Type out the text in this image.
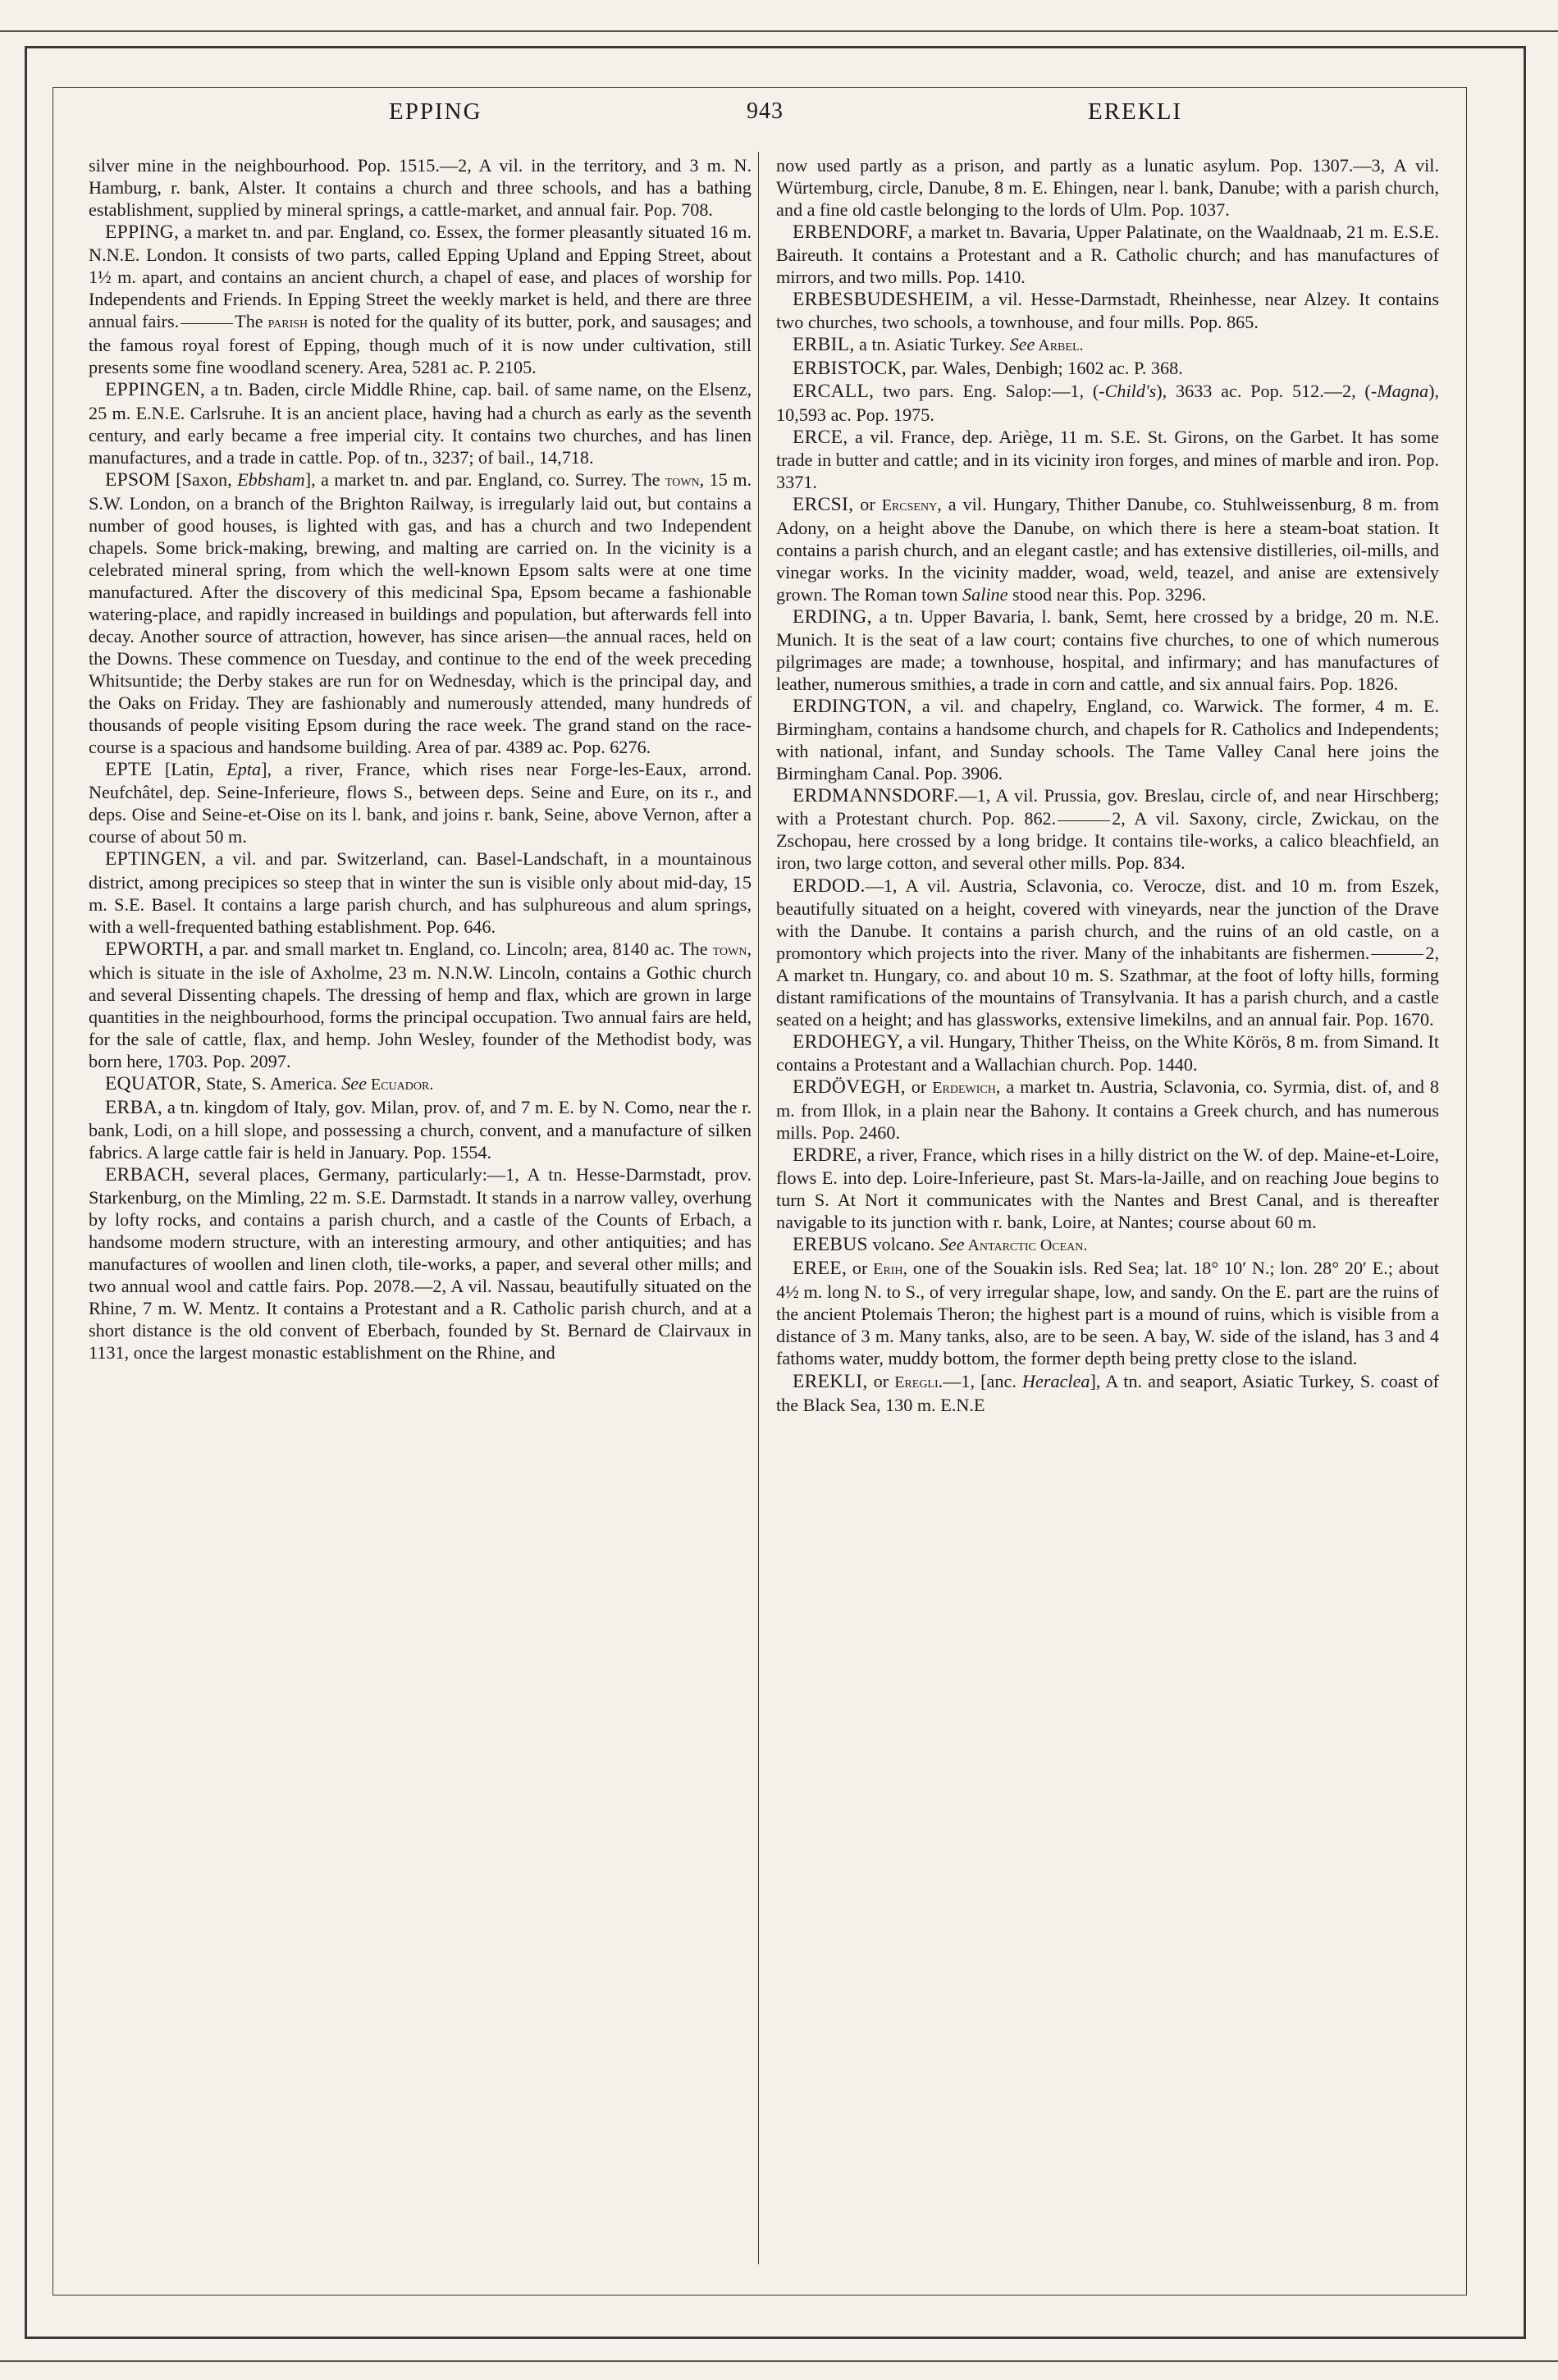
EPPING	943	EREKLI

silver mine in the neighbourhood. Pop. 1515.—2, A vil. in the territory, and 3 m. N. Hamburg, r. bank, Alster. It contains a church and three schools, and has a bathing establishment, supplied by mineral springs, a cattle-market, and annual fair. Pop. 708.

EPPING, a market tn. and par. England, co. Essex, the former pleasantly situated 16 m. N.N.E. London. It consists of two parts, called Epping Upland and Epping Street, about 1½ m. apart, and contains an ancient church, a chapel of ease, and places of worship for Independents and Friends. In Epping Street the weekly market is held, and there are three annual fairs.	The parish is noted for the quality of its butter, pork, and sausages; and the famous royal forest of Epping, though much of it is now under cultivation, still presents some fine woodland scenery. Area, 5281 ac. P. 2105.

EPPINGEN, a tn. Baden, circle Middle Rhine, cap. bail. of same name, on the Elsenz, 25 m. E.N.E. Carlsruhe. It is an ancient place, having had a church as early as the seventh century, and early became a free imperial city. It contains two churches, and has linen manufactures, and a trade in cattle. Pop. of tn., 3237; of bail., 14,718.

EPSOM [Saxon, Ebbsham], a market tn. and par. England, co. Surrey. The town, 15 m. S.W. London, on a branch of the Brighton Railway, is irregularly laid out, but contains a number of good houses, is lighted with gas, and has a church and two Independent chapels. Some brick-making, brewing, and malting are carried on. In the vicinity is a celebrated mineral spring, from which the well-known Epsom salts were at one time manufactured. After the discovery of this medicinal Spa, Epsom became a fashionable watering-place, and rapidly increased in buildings and population, but afterwards fell into decay. Another source of attraction, however, has since arisen—the annual races, held on the Downs. These commence on Tuesday, and continue to the end of the week preceding Whitsuntide; the Derby stakes are run for on Wednesday, which is the principal day, and the Oaks on Friday. They are fashionably and numerously attended, many hundreds of thousands of people visiting Epsom during the race week. The grand stand on the race-course is a spacious and handsome building. Area of par. 4389 ac. Pop. 6276.

EPTE [Latin, Epta], a river, France, which rises near Forge-les-Eaux, arrond. Neufchâtel, dep. Seine-Inferieure, flows S., between deps. Seine and Eure, on its r., and deps. Oise and Seine-et-Oise on its l. bank, and joins r. bank, Seine, above Vernon, after a course of about 50 m.

EPTINGEN, a vil. and par. Switzerland, can. Basel-Landschaft, in a mountainous district, among precipices so steep that in winter the sun is visible only about mid-day, 15 m. S.E. Basel. It contains a large parish church, and has sulphureous and alum springs, with a well-frequented bathing establishment. Pop. 646.

EPWORTH, a par. and small market tn. England, co. Lincoln; area, 8140 ac. The town, which is situate in the isle of Axholme, 23 m. N.N.W. Lincoln, contains a Gothic church and several Dissenting chapels. The dressing of hemp and flax, which are grown in large quantities in the neighbourhood, forms the principal occupation. Two annual fairs are held, for the sale of cattle, flax, and hemp. John Wesley, founder of the Methodist body, was born here, 1703. Pop. 2097.

EQUATOR, State, S. America. See Ecuador.

ERBA, a tn. kingdom of Italy, gov. Milan, prov. of, and 7 m. E. by N. Como, near the r. bank, Lodi, on a hill slope, and possessing a church, convent, and a manufacture of silken fabrics. A large cattle fair is held in January. Pop. 1554.

ERBACH, several places, Germany, particularly:—1, A tn. Hesse-Darmstadt, prov. Starkenburg, on the Mimling, 22 m. S.E. Darmstadt. It stands in a narrow valley, overhung by lofty rocks, and contains a parish church, and a castle of the Counts of Erbach, a handsome modern structure, with an interesting armoury, and other antiquities; and has manufactures of woollen and linen cloth, tile-works, a paper, and several other mills; and two annual wool and cattle fairs. Pop. 2078.—2, A vil. Nassau, beautifully situated on the Rhine, 7 m. W. Mentz. It contains a Protestant and a R. Catholic parish church, and at a short distance is the old convent of Eberbach, founded by St. Bernard de Clairvaux in 1131, once the largest monastic establishment on the Rhine, and

now used partly as a prison, and partly as a lunatic asylum. Pop. 1307.—3, A vil. Würtemburg, circle, Danube, 8 m. E. Ehingen, near l. bank, Danube; with a parish church, and a fine old castle belonging to the lords of Ulm. Pop. 1037.

ERBENDORF, a market tn. Bavaria, Upper Palatinate, on the Waaldnaab, 21 m. E.S.E. Baireuth. It contains a Protestant and a R. Catholic church; and has manufactures of mirrors, and two mills. Pop. 1410.

ERBESBUDESHEIM, a vil. Hesse-Darmstadt, Rheinhesse, near Alzey. It contains two churches, two schools, a townhouse, and four mills. Pop. 865.

ERBIL, a tn. Asiatic Turkey. See Arbel.

ERBISTOCK, par. Wales, Denbigh; 1602 ac. P. 368.

ERCALL, two pars. Eng. Salop:—1, (-Child's), 3633 ac. Pop. 512.—2, (-Magna), 10,593 ac. Pop. 1975.

ERCE, a vil. France, dep. Ariège, 11 m. S.E. St. Girons, on the Garbet. It has some trade in butter and cattle; and in its vicinity iron forges, and mines of marble and iron. Pop. 3371.

ERCSI, or Ercseny, a vil. Hungary, Thither Danube, co. Stuhlweissenburg, 8 m. from Adony, on a height above the Danube, on which there is here a steam-boat station. It contains a parish church, and an elegant castle; and has extensive distilleries, oil-mills, and vinegar works. In the vicinity madder, woad, weld, teazel, and anise are extensively grown. The Roman town Saline stood near this. Pop. 3296.

ERDING, a tn. Upper Bavaria, l. bank, Semt, here crossed by a bridge, 20 m. N.E. Munich. It is the seat of a law court; contains five churches, to one of which numerous pilgrimages are made; a townhouse, hospital, and infirmary; and has manufactures of leather, numerous smithies, a trade in corn and cattle, and six annual fairs. Pop. 1826.

ERDINGTON, a vil. and chapelry, England, co. Warwick. The former, 4 m. E. Birmingham, contains a handsome church, and chapels for R. Catholics and Independents; with national, infant, and Sunday schools. The Tame Valley Canal here joins the Birmingham Canal. Pop. 3906.

ERDMANNSDORF.—1, A vil. Prussia, gov. Breslau, circle of, and near Hirschberg; with a Protestant church. Pop. 862.	2, A vil. Saxony, circle, Zwickau, on the Zschopau, here crossed by a long bridge. It contains tile-works, a calico bleachfield, an iron, two large cotton, and several other mills. Pop. 834.

ERDOD.—1, A vil. Austria, Sclavonia, co. Verocze, dist. and 10 m. from Eszek, beautifully situated on a height, covered with vineyards, near the junction of the Drave with the Danube. It contains a parish church, and the ruins of an old castle, on a promontory which projects into the river. Many of the inhabitants are fishermen.	2, A market tn. Hungary, co. and about 10 m. S. Szathmar, at the foot of lofty hills, forming distant ramifications of the mountains of Transylvania. It has a parish church, and a castle seated on a height; and has glassworks, extensive limekilns, and an annual fair. Pop. 1670.

ERDOHEGY, a vil. Hungary, Thither Theiss, on the White Körös, 8 m. from Simand. It contains a Protestant and a Wallachian church. Pop. 1440.

ERDÖVEGH, or Erdewich, a market tn. Austria, Sclavonia, co. Syrmia, dist. of, and 8 m. from Illok, in a plain near the Bahony. It contains a Greek church, and has numerous mills. Pop. 2460.

ERDRE, a river, France, which rises in a hilly district on the W. of dep. Maine-et-Loire, flows E. into dep. Loire-Inferieure, past St. Mars-la-Jaille, and on reaching Joue begins to turn S. At Nort it communicates with the Nantes and Brest Canal, and is thereafter navigable to its junction with r. bank, Loire, at Nantes; course about 60 m.

EREBUS volcano. See Antarctic Ocean.

EREE, or Erih, one of the Souakin isls. Red Sea; lat. 18° 10′ N.; lon. 28° 20′ E.; about 4½ m. long N. to S., of very irregular shape, low, and sandy. On the E. part are the ruins of the ancient Ptolemais Theron; the highest part is a mound of ruins, which is visible from a distance of 3 m. Many tanks, also, are to be seen. A bay, W. side of the island, has 3 and 4 fathoms water, muddy bottom, the former depth being pretty close to the island.

EREKLI, or Eregli.—1, [anc. Heraclea], A tn. and seaport, Asiatic Turkey, S. coast of the Black Sea, 130 m. E.N.E
